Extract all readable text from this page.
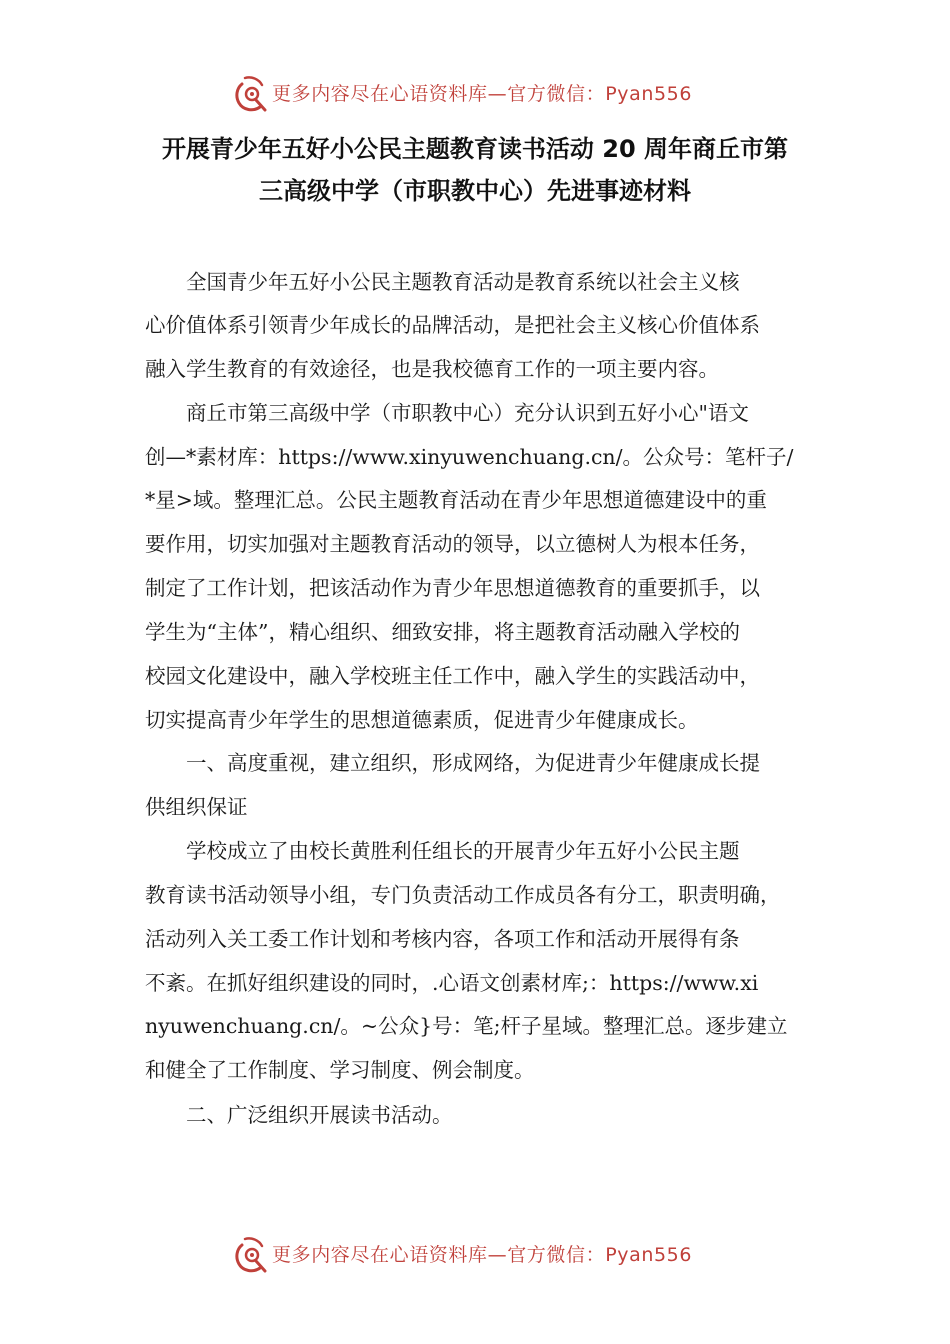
更多内容尽在心语资料库—官方微信：Pyan556
开展青少年五好小公民主题教育读书活动 20 周年商丘市第
三高级中学（市职教中心）先进事迹材料
　　全国青少年五好小公民主题教育活动是教育系统以社会主义核
心价值体系引领青少年成长的品牌活动，是把社会主义核心价值体系
融入学生教育的有效途径，也是我校德育工作的一项主要内容。
　　商丘市第三高级中学（市职教中心）充分认识到五好小心"语文
创—*素材库：https://www.xinyuwenchuang.cn/。公众号：笔杆子/
*星>域。整理汇总。公民主题教育活动在青少年思想道德建设中的重
要作用，切实加强对主题教育活动的领导，以立德树人为根本任务，
制定了工作计划，把该活动作为青少年思想道德教育的重要抓手，以
学生为“主体”，精心组织、细致安排，将主题教育活动融入学校的
校园文化建设中，融入学校班主任工作中，融入学生的实践活动中，
切实提高青少年学生的思想道德素质，促进青少年健康成长。
　　一、高度重视，建立组织，形成网络，为促进青少年健康成长提
供组织保证
　　学校成立了由校长黄胜利任组长的开展青少年五好小公民主题
教育读书活动领导小组，专门负责活动工作成员各有分工，职责明确，
活动列入关工委工作计划和考核内容，各项工作和活动开展得有条
不紊。在抓好组织建设的同时，.心语文创素材库;：https://www.xi
nyuwenchuang.cn/。~公众}号：笔;杆子星域。整理汇总。逐步建立
和健全了工作制度、学习制度、例会制度。
　　二、广泛组织开展读书活动。
更多内容尽在心语资料库—官方微信：Pyan556
